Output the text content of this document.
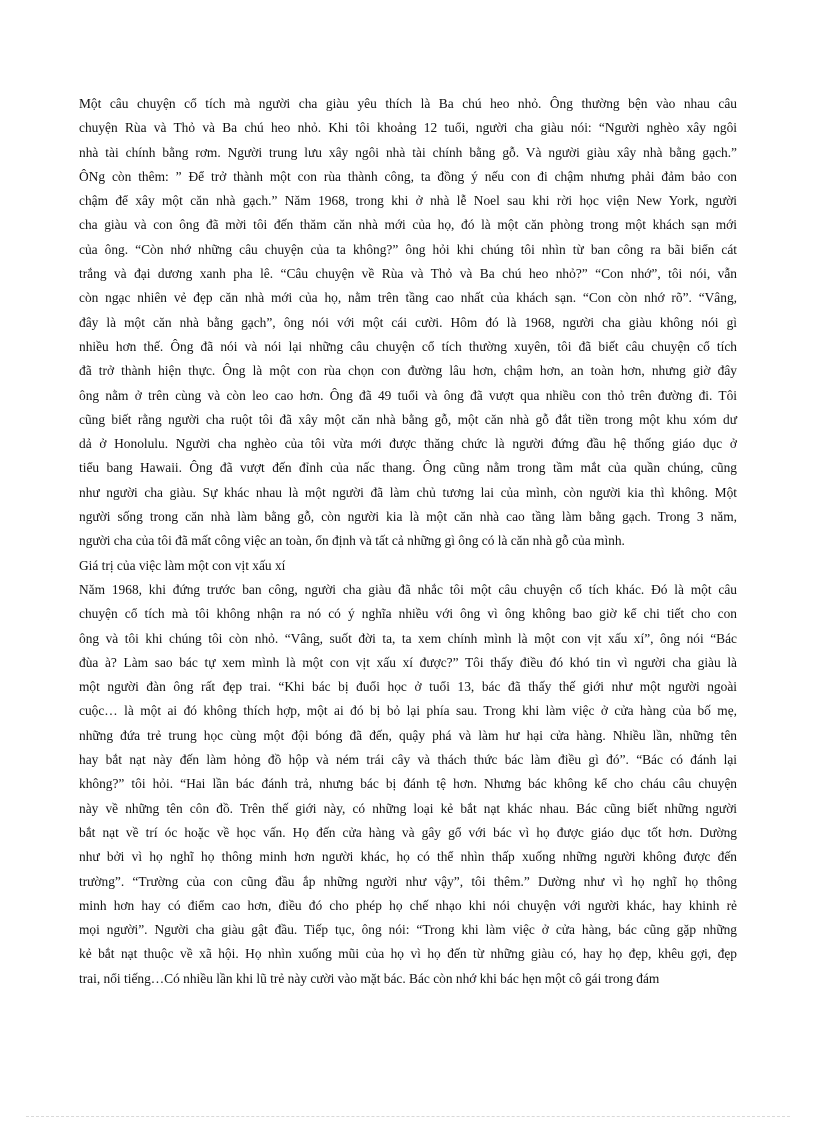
Một câu chuyện cổ tích mà người cha giàu yêu thích là Ba chú heo nhỏ. Ông thường bện vào nhau câu
chuyện Rùa và Thỏ và Ba chú heo nhỏ. Khi tôi khoảng 12 tuổi, người cha giàu nói: “Người nghèo xây ngôi
nhà tài chính bằng rơm. Người trung lưu xây ngôi nhà tài chính bằng gỗ. Và người giàu xây nhà bằng gạch.”
ÔNg còn thêm: ” Để trở thành một con rùa thành công, ta đồng ý nếu con đi chậm nhưng phải đảm bảo con
chậm để xây một căn nhà gạch.” Năm 1968, trong khi ở nhà lễ Noel sau khi rời học viện New York, người
cha giàu và con ông đã mời tôi đến thăm căn nhà mới của họ, đó là một căn phòng trong một khách sạn mới
của ông. “Còn nhớ những câu chuyện của ta không?” ông hỏi khi chúng tôi nhìn từ ban công ra bãi biển cát
trắng và đại dương xanh pha lê. “Câu chuyện về Rùa và Thỏ và Ba chú heo nhỏ?” “Con nhớ”, tôi nói, vẫn
còn ngạc nhiên vẻ đẹp căn nhà mới của họ, nằm trên tầng cao nhất của khách sạn. “Con còn nhớ rõ”. “Vâng,
đây là một căn nhà bằng gạch”, ông nói với một cái cười. Hôm đó là 1968, người cha giàu không nói gì
nhiều hơn thế. Ông đã nói và nói lại những câu chuyện cổ tích thường xuyên, tôi đã biết câu chuyện cổ tích
đã trở thành hiện thực. Ông là một con rùa chọn con đường lâu hơn, chậm hơn, an toàn hơn, nhưng giờ đây
ông nằm ở trên cùng và còn leo cao hơn. Ông đã 49 tuổi và ông đã vượt qua nhiều con thỏ trên đường đi. Tôi
cũng biết rằng người cha ruột tôi đã xây một căn nhà bằng gỗ, một căn nhà gỗ đắt tiền trong một khu xóm dư
dả ở Honolulu. Người cha nghèo của tôi vừa mới được thăng chức là người đứng đầu hệ thống giáo dục ở
tiểu bang Hawaii. Ông đã vượt đến đỉnh của nấc thang. Ông cũng nằm trong tầm mắt của quần chúng, cũng
như người cha giàu. Sự khác nhau là một người đã làm chủ tương lai của mình, còn người kia thì không. Một
người sống trong căn nhà làm bằng gỗ, còn người kia là một căn nhà cao tầng làm bằng gạch. Trong 3 năm,
người cha của tôi đã mất công việc an toàn, ổn định và tất cả những gì ông có là căn nhà gỗ của mình.
Giá trị của việc làm một con vịt xấu xí
Năm 1968, khi đứng trước ban công, người cha giàu đã nhắc tôi một câu chuyện cổ tích khác. Đó là một câu
chuyện cổ tích mà tôi không nhận ra nó có ý nghĩa nhiều với ông vì ông không bao giờ kể chi tiết cho con
ông và tôi khi chúng tôi còn nhỏ. “Vâng, suốt đời ta, ta xem chính mình là một con vịt xấu xí”, ông nói “Bác
đùa à? Làm sao bác tự xem mình là một con vịt xấu xí được?” Tôi thấy điều đó khó tin vì người cha giàu là
một người đàn ông rất đẹp trai. “Khi bác bị đuổi học ở tuổi 13, bác đã thấy thế giới như một người ngoài
cuộc… là một ai đó không thích hợp, một ai đó bị bỏ lại phía sau. Trong khi làm việc ở cửa hàng của bố mẹ,
những đứa trẻ trung học cùng một đội bóng đã đến, quậy phá và làm hư hại cửa hàng. Nhiều lần, những tên
hay bắt nạt này đến làm hỏng đồ hộp và ném trái cây và thách thức bác làm điều gì đó”. “Bác có đánh lại
không?” tôi hỏi. “Hai lần bác đánh trả, nhưng bác bị đánh tệ hơn. Nhưng bác không kể cho cháu câu chuyện
này về những tên côn đồ. Trên thế giới này, có những loại kẻ bắt nạt khác nhau. Bác cũng biết những người
bắt nạt về trí óc hoặc về học vấn. Họ đến cửa hàng và gây gổ với bác vì họ được giáo dục tốt hơn. Dường
như bởi vì họ nghĩ họ thông minh hơn người khác, họ có thể nhìn thấp xuống những người không được đến
trường”. “Trường của con cũng đầu ắp những người như vậy”, tôi thêm.” Dường như vì họ nghĩ họ thông
minh hơn hay có điểm cao hơn, điều đó cho phép họ chế nhạo khi nói chuyện với người khác, hay khinh rẻ
mọi người”. Người cha giàu gật đầu. Tiếp tục, ông nói: “Trong khi làm việc ở cửa hàng, bác cũng gặp những
kẻ bắt nạt thuộc về xã hội. Họ nhìn xuống mũi của họ vì họ đến từ những giàu có, hay họ đẹp, khêu gợi, đẹp
trai, nổi tiếng…Có nhiều lần khi lũ trẻ này cười vào mặt bác. Bác còn nhớ khi bác hẹn một cô gái trong đám
